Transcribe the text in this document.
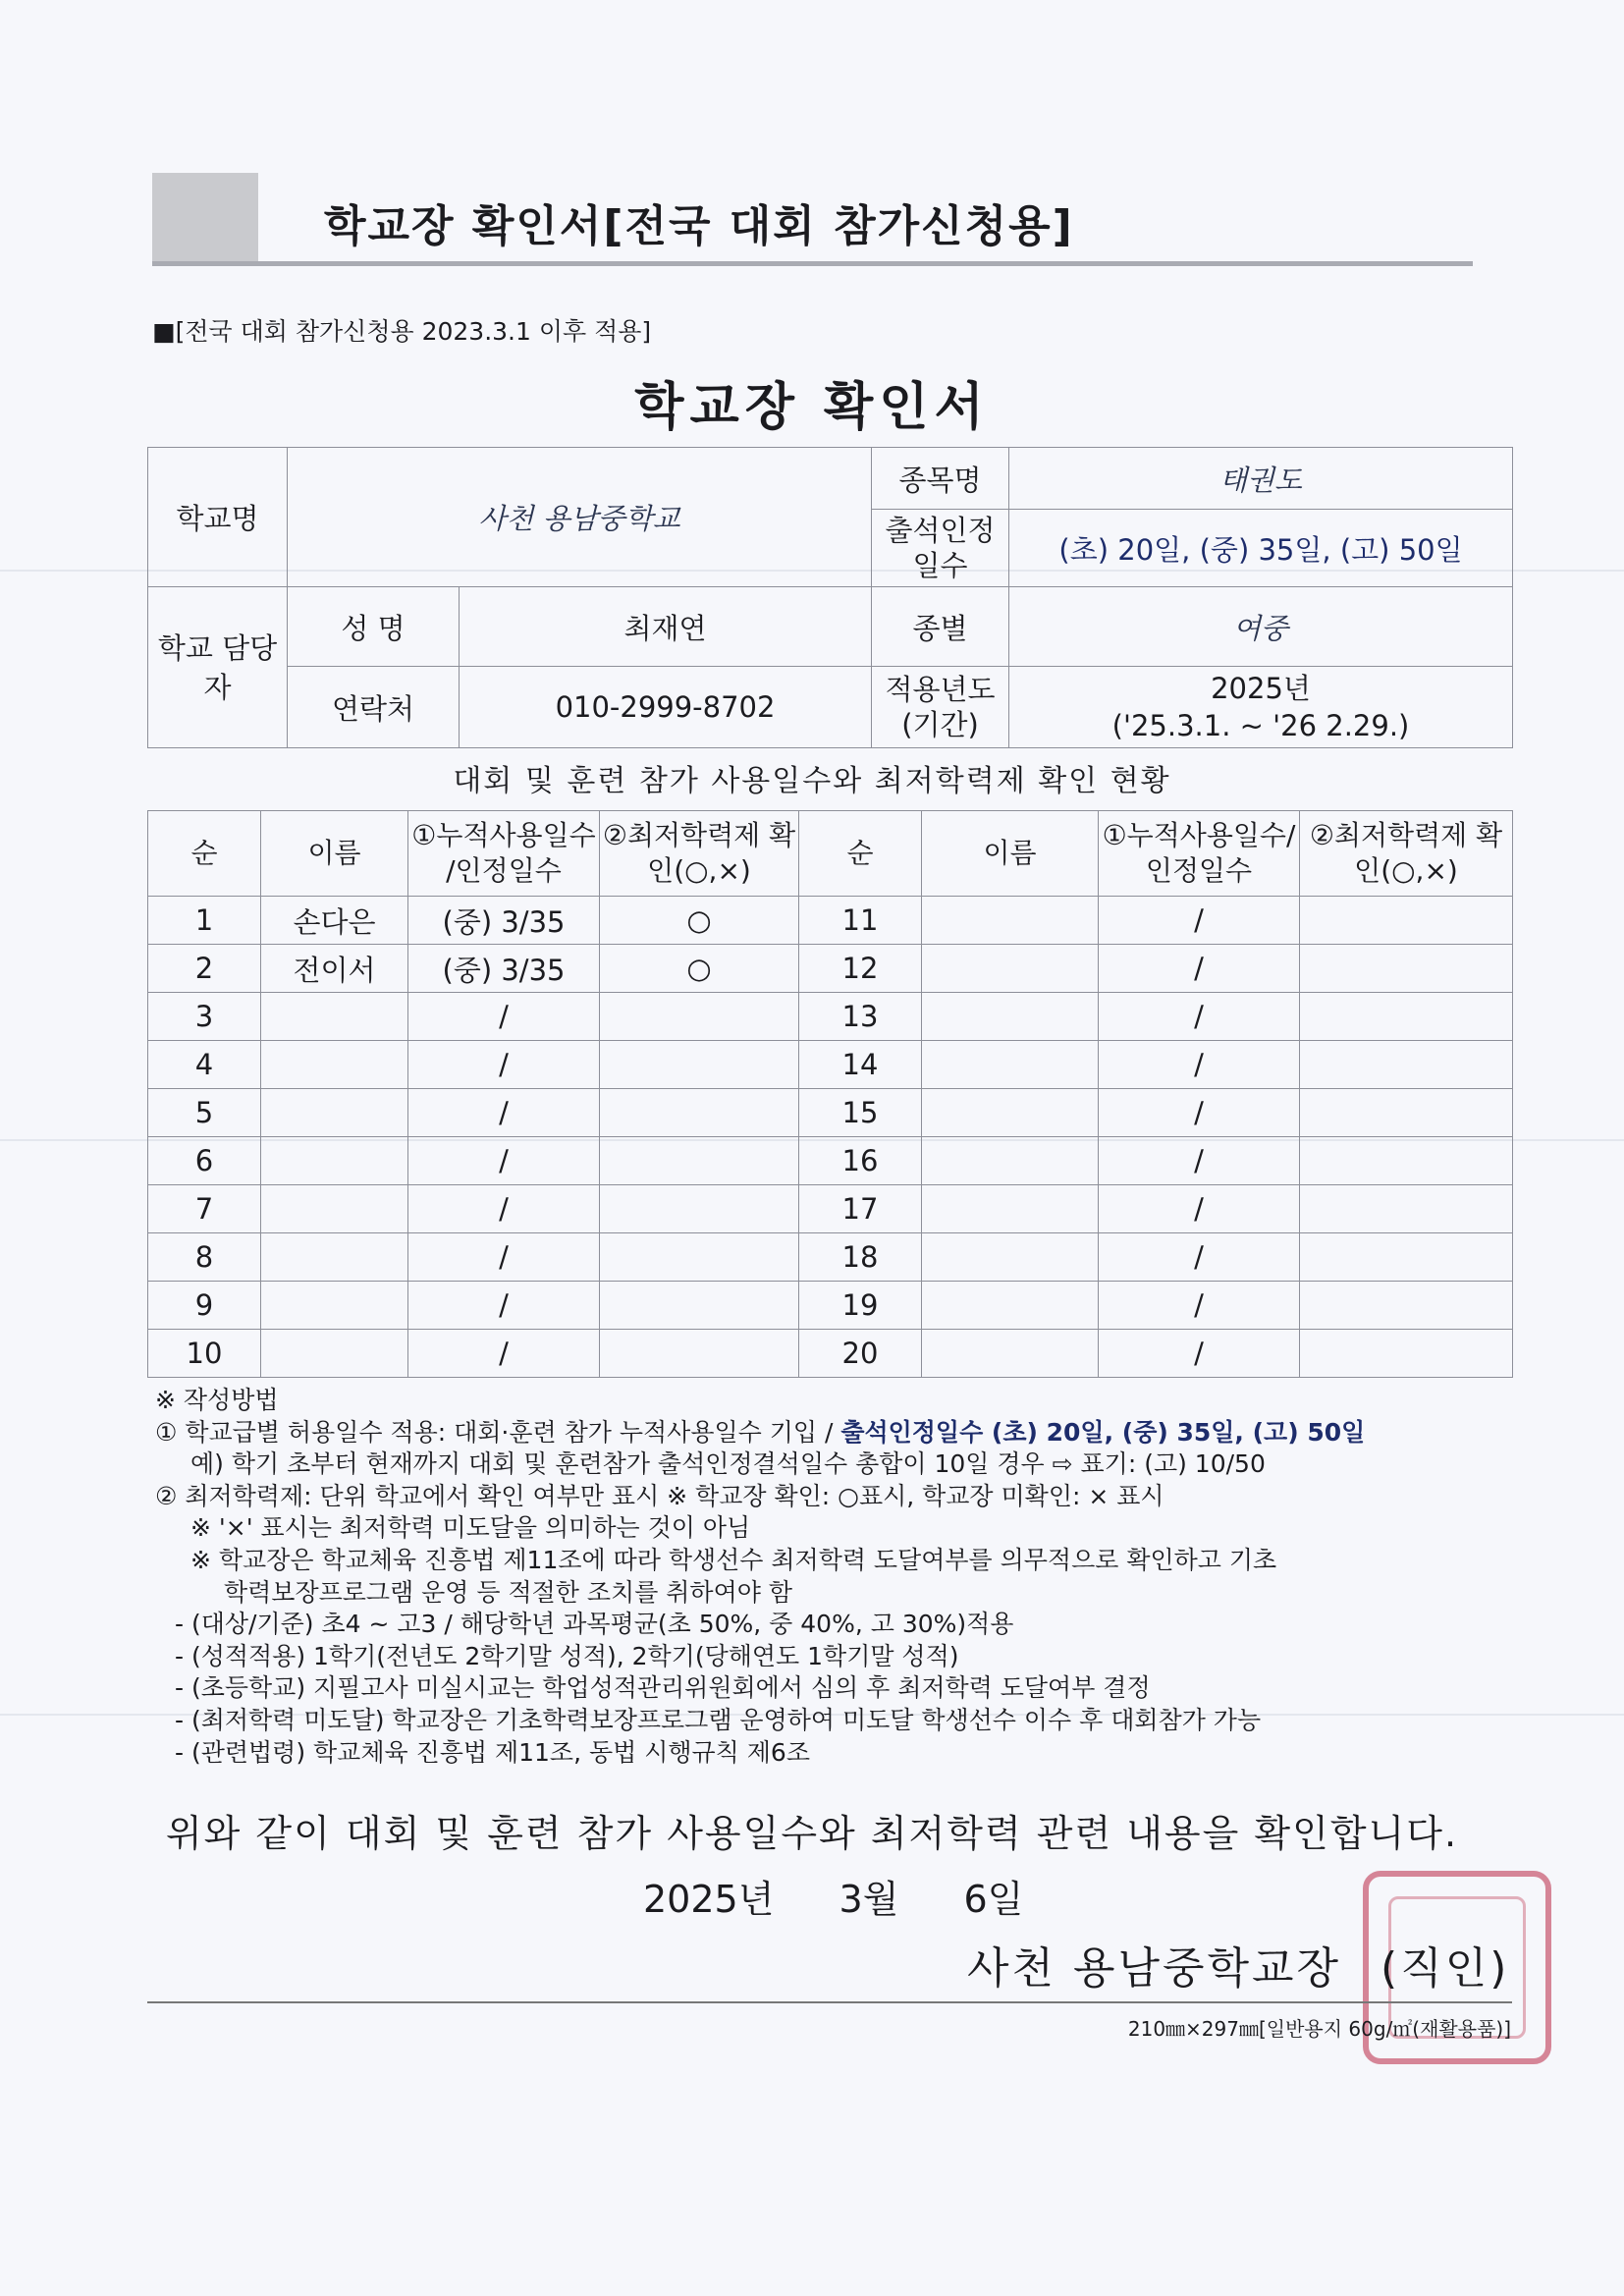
학교장 확인서[전국 대회 참가신청용]
■[전국 대회 참가신청용 2023.3.1 이후 적용]
학교장 확인서
학교명	사천 용남중학교		종목명	태권도
			출석인정 일수	(초) 20일, (중) 35일, (고) 50일
학교 담당자	성 명	최재연	종별	여중
	연락처	010-2999-8702	적용년도 (기간)	2025년
('25.3.1. ~ '26 2.29.)
대회 및 훈련 참가 사용일수와 최저학력제 확인 현황
순	이름	①누적사용일수 /인정일수	②최저학력제 확인(○,×)	순	이름	①누적사용일수/ 인정일수	②최저학력제 확인(○,×)
1	손다은	(중) 3/35	○	11		/	
2	전이서	(중) 3/35	○	12		/	
3		/		13		/	
4		/		14		/	
5		/		15		/	
6		/		16		/	
7		/		17		/	
8		/		18		/	
9		/		19		/	
10		/		20		/	
※ 작성방법
① 학교급별 허용일수 적용: 대회·훈련 참가 누적사용일수 기입 / 출석인정일수 (초) 20일, (중) 35일, (고) 50일
예) 학기 초부터 현재까지 대회 및 훈련참가 출석인정결석일수 총합이 10일 경우 ⇨ 표기: (고) 10/50
② 최저학력제: 단위 학교에서 확인 여부만 표시 ※ 학교장 확인: ○표시, 학교장 미확인: × 표시
※ '×' 표시는 최저학력 미도달을 의미하는 것이 아님
※ 학교장은 학교체육 진흥법 제11조에 따라 학생선수 최저학력 도달여부를 의무적으로 확인하고 기초
학력보장프로그램 운영 등 적절한 조치를 취하여야 함
- (대상/기준) 초4 ~ 고3 / 해당학년 과목평균(초 50%, 중 40%, 고 30%)적용
- (성적적용) 1학기(전년도 2학기말 성적), 2학기(당해연도 1학기말 성적)
- (초등학교) 지필고사 미실시교는 학업성적관리위원회에서 심의 후 최저학력 도달여부 결정
- (최저학력 미도달) 학교장은 기초학력보장프로그램 운영하여 미도달 학생선수 이수 후 대회참가 가능
- (관련법령) 학교체육 진흥법 제11조, 동법 시행규칙 제6조
위와 같이 대회 및 훈련 참가 사용일수와 최저학력 관련 내용을 확인합니다.
2025년 3월 6일
사천 용남중학교장 (직인)
210㎜×297㎜[일반용지 60g/㎡(재활용품)]
